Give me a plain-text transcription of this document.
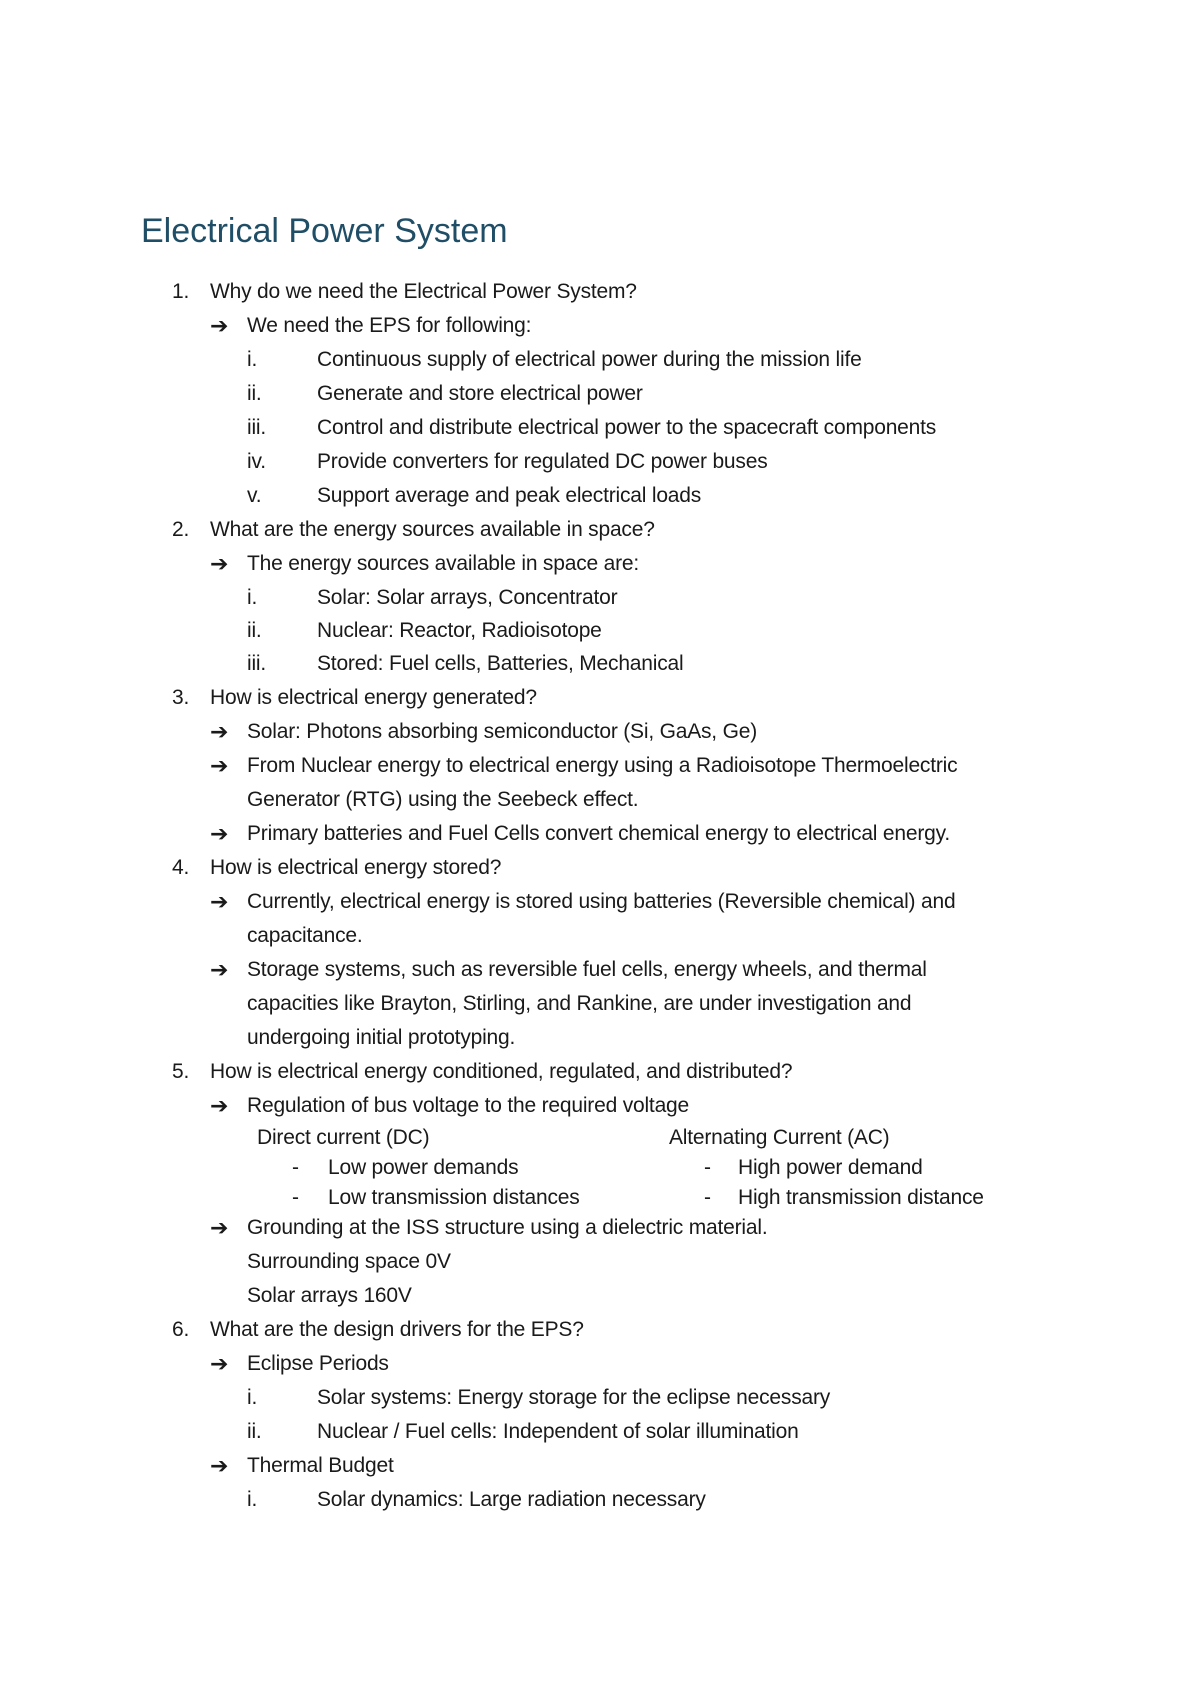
Electrical Power System
1. Why do we need the Electrical Power System?
➔ We need the EPS for following:
i.	Continuous supply of electrical power during the mission life
ii.	Generate and store electrical power
iii. Control and distribute electrical power to the spacecraft components
iv. Provide converters for regulated DC power buses
v.	Support average and peak electrical loads
2. What are the energy sources available in space?
➔ The energy sources available in space are:
i.	Solar: Solar arrays, Concentrator
ii.	Nuclear: Reactor, Radioisotope
iii. Stored: Fuel cells, Batteries, Mechanical
3. How is electrical energy generated?
➔ Solar: Photons absorbing semiconductor (Si, GaAs, Ge)
➔ From Nuclear energy to electrical energy using a Radioisotope Thermoelectric
Generator (RTG) using the Seebeck effect.
➔ Primary batteries and Fuel Cells convert chemical energy to electrical energy.
4. How is electrical energy stored?
➔ Currently, electrical energy is stored using batteries (Reversible chemical) and
capacitance.
➔ Storage systems, such as reversible fuel cells, energy wheels, and thermal
capacities like Brayton, Stirling, and Rankine, are under investigation and
undergoing initial prototyping.
5. How is electrical energy conditioned, regulated, and distributed?
➔ Regulation of bus voltage to the required voltage
Direct current (DC)	Alternating Current (AC)
- Low power demands	- High power demand
- Low transmission distances	- High transmission distance
➔ Grounding at the ISS structure using a dielectric material.
Surrounding space 0V
Solar arrays 160V
6. What are the design drivers for the EPS?
➔ Eclipse Periods
i.	Solar systems: Energy storage for the eclipse necessary
ii.	Nuclear / Fuel cells: Independent of solar illumination
➔ Thermal Budget
i.	Solar dynamics: Large radiation necessary
